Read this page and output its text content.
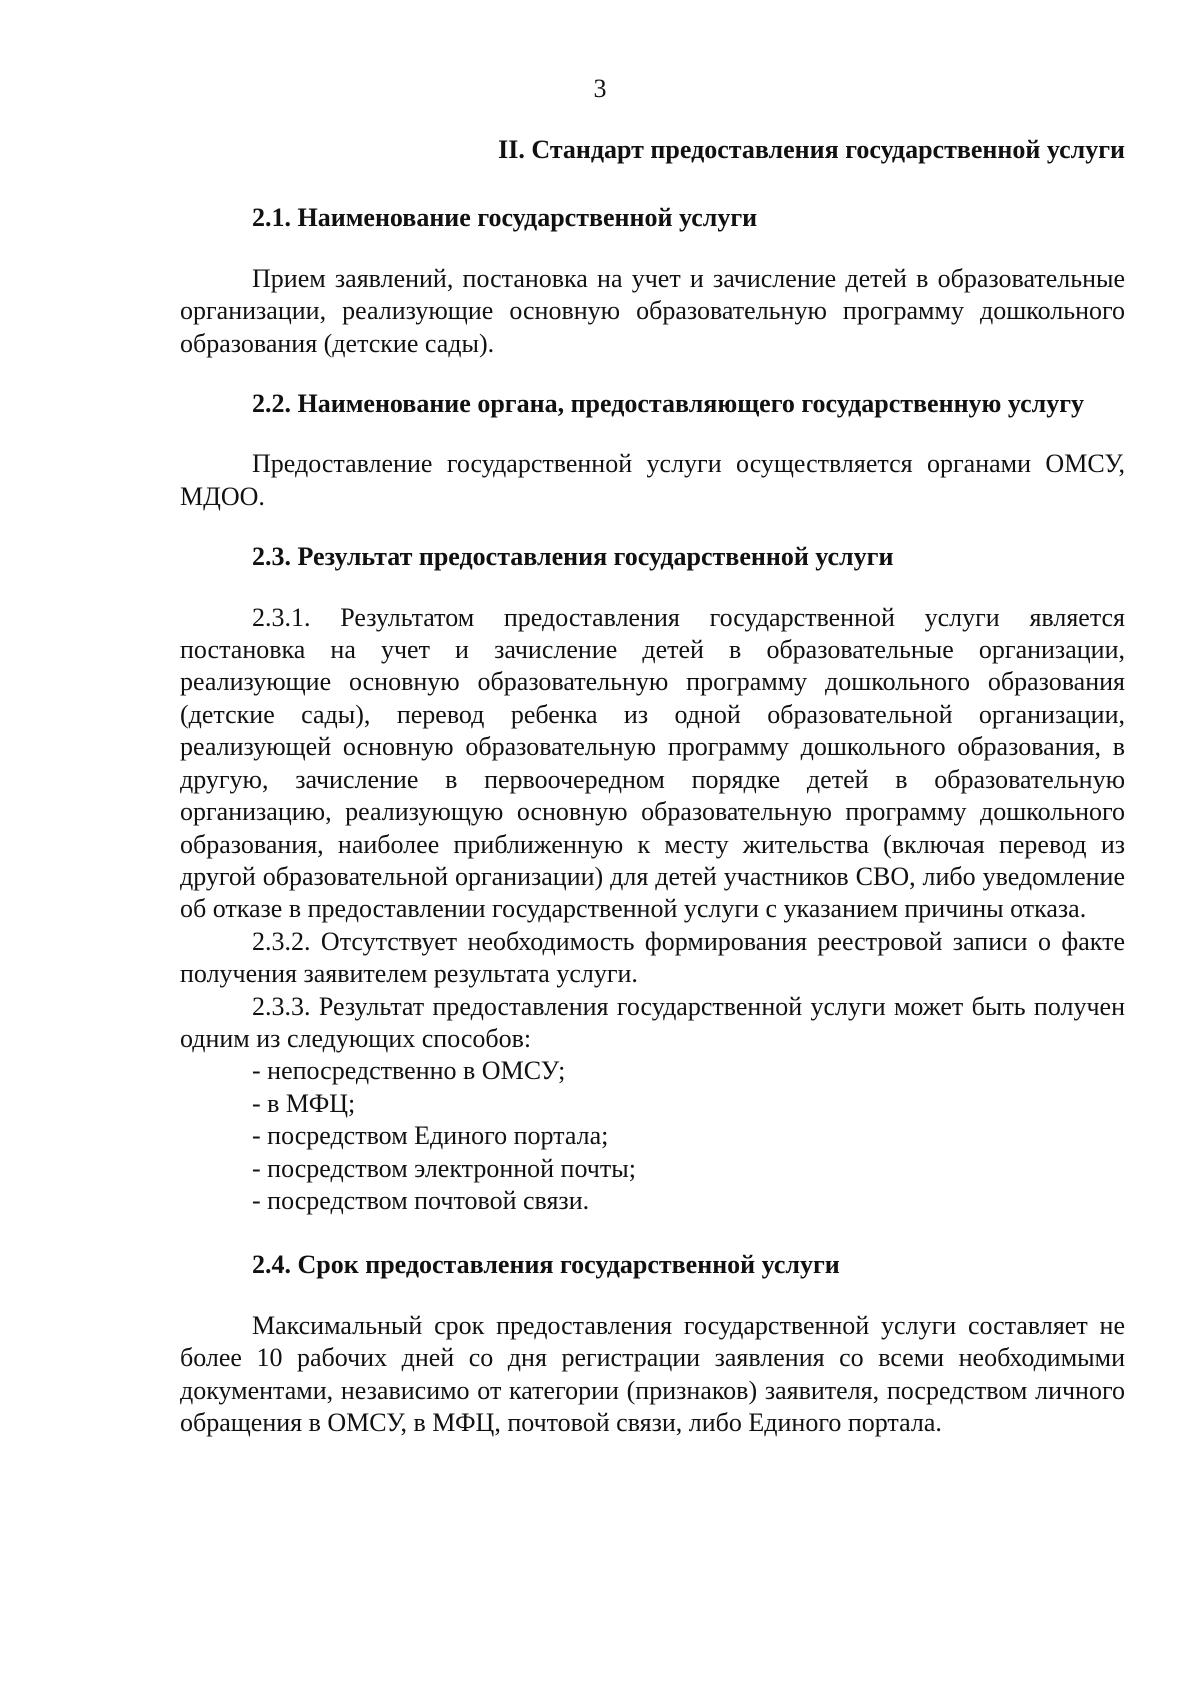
3

II. Стандарт предоставления государственной услуги

2.1. Наименование государственной услуги

Прием заявлений, постановка на учет и зачисление детей в образовательные организации, реализующие основную образовательную программу дошкольного образования (детские сады).

2.2. Наименование органа, предоставляющего государственную услугу

Предоставление государственной услуги осуществляется органами ОМСУ, МДОО.

2.3. Результат предоставления государственной услуги

2.3.1. Результатом предоставления государственной услуги является постановка на учет и зачисление детей в образовательные организации, реализующие основную образовательную программу дошкольного образования (детские сады), перевод ребенка из одной образовательной организации, реализующей основную образовательную программу дошкольного образования, в другую, зачисление в первоочередном порядке детей в образовательную организацию, реализующую основную образовательную программу дошкольного образования, наиболее приближенную к месту жительства (включая перевод из другой образовательной организации) для детей участников СВО, либо уведомление об отказе в предоставлении государственной услуги с указанием причины отказа.

2.3.2. Отсутствует необходимость формирования реестровой записи о факте получения заявителем результата услуги.

2.3.3. Результат предоставления государственной услуги может быть получен одним из следующих способов:

- непосредственно в ОМСУ;

- в МФЦ;

- посредством Единого портала;

- посредством электронной почты;

- посредством почтовой связи.

2.4. Срок предоставления государственной услуги

Максимальный срок предоставления государственной услуги составляет не более 10 рабочих дней со дня регистрации заявления со всеми необходимыми документами, независимо от категории (признаков) заявителя, посредством личного обращения в ОМСУ, в МФЦ, почтовой связи, либо Единого портала.
